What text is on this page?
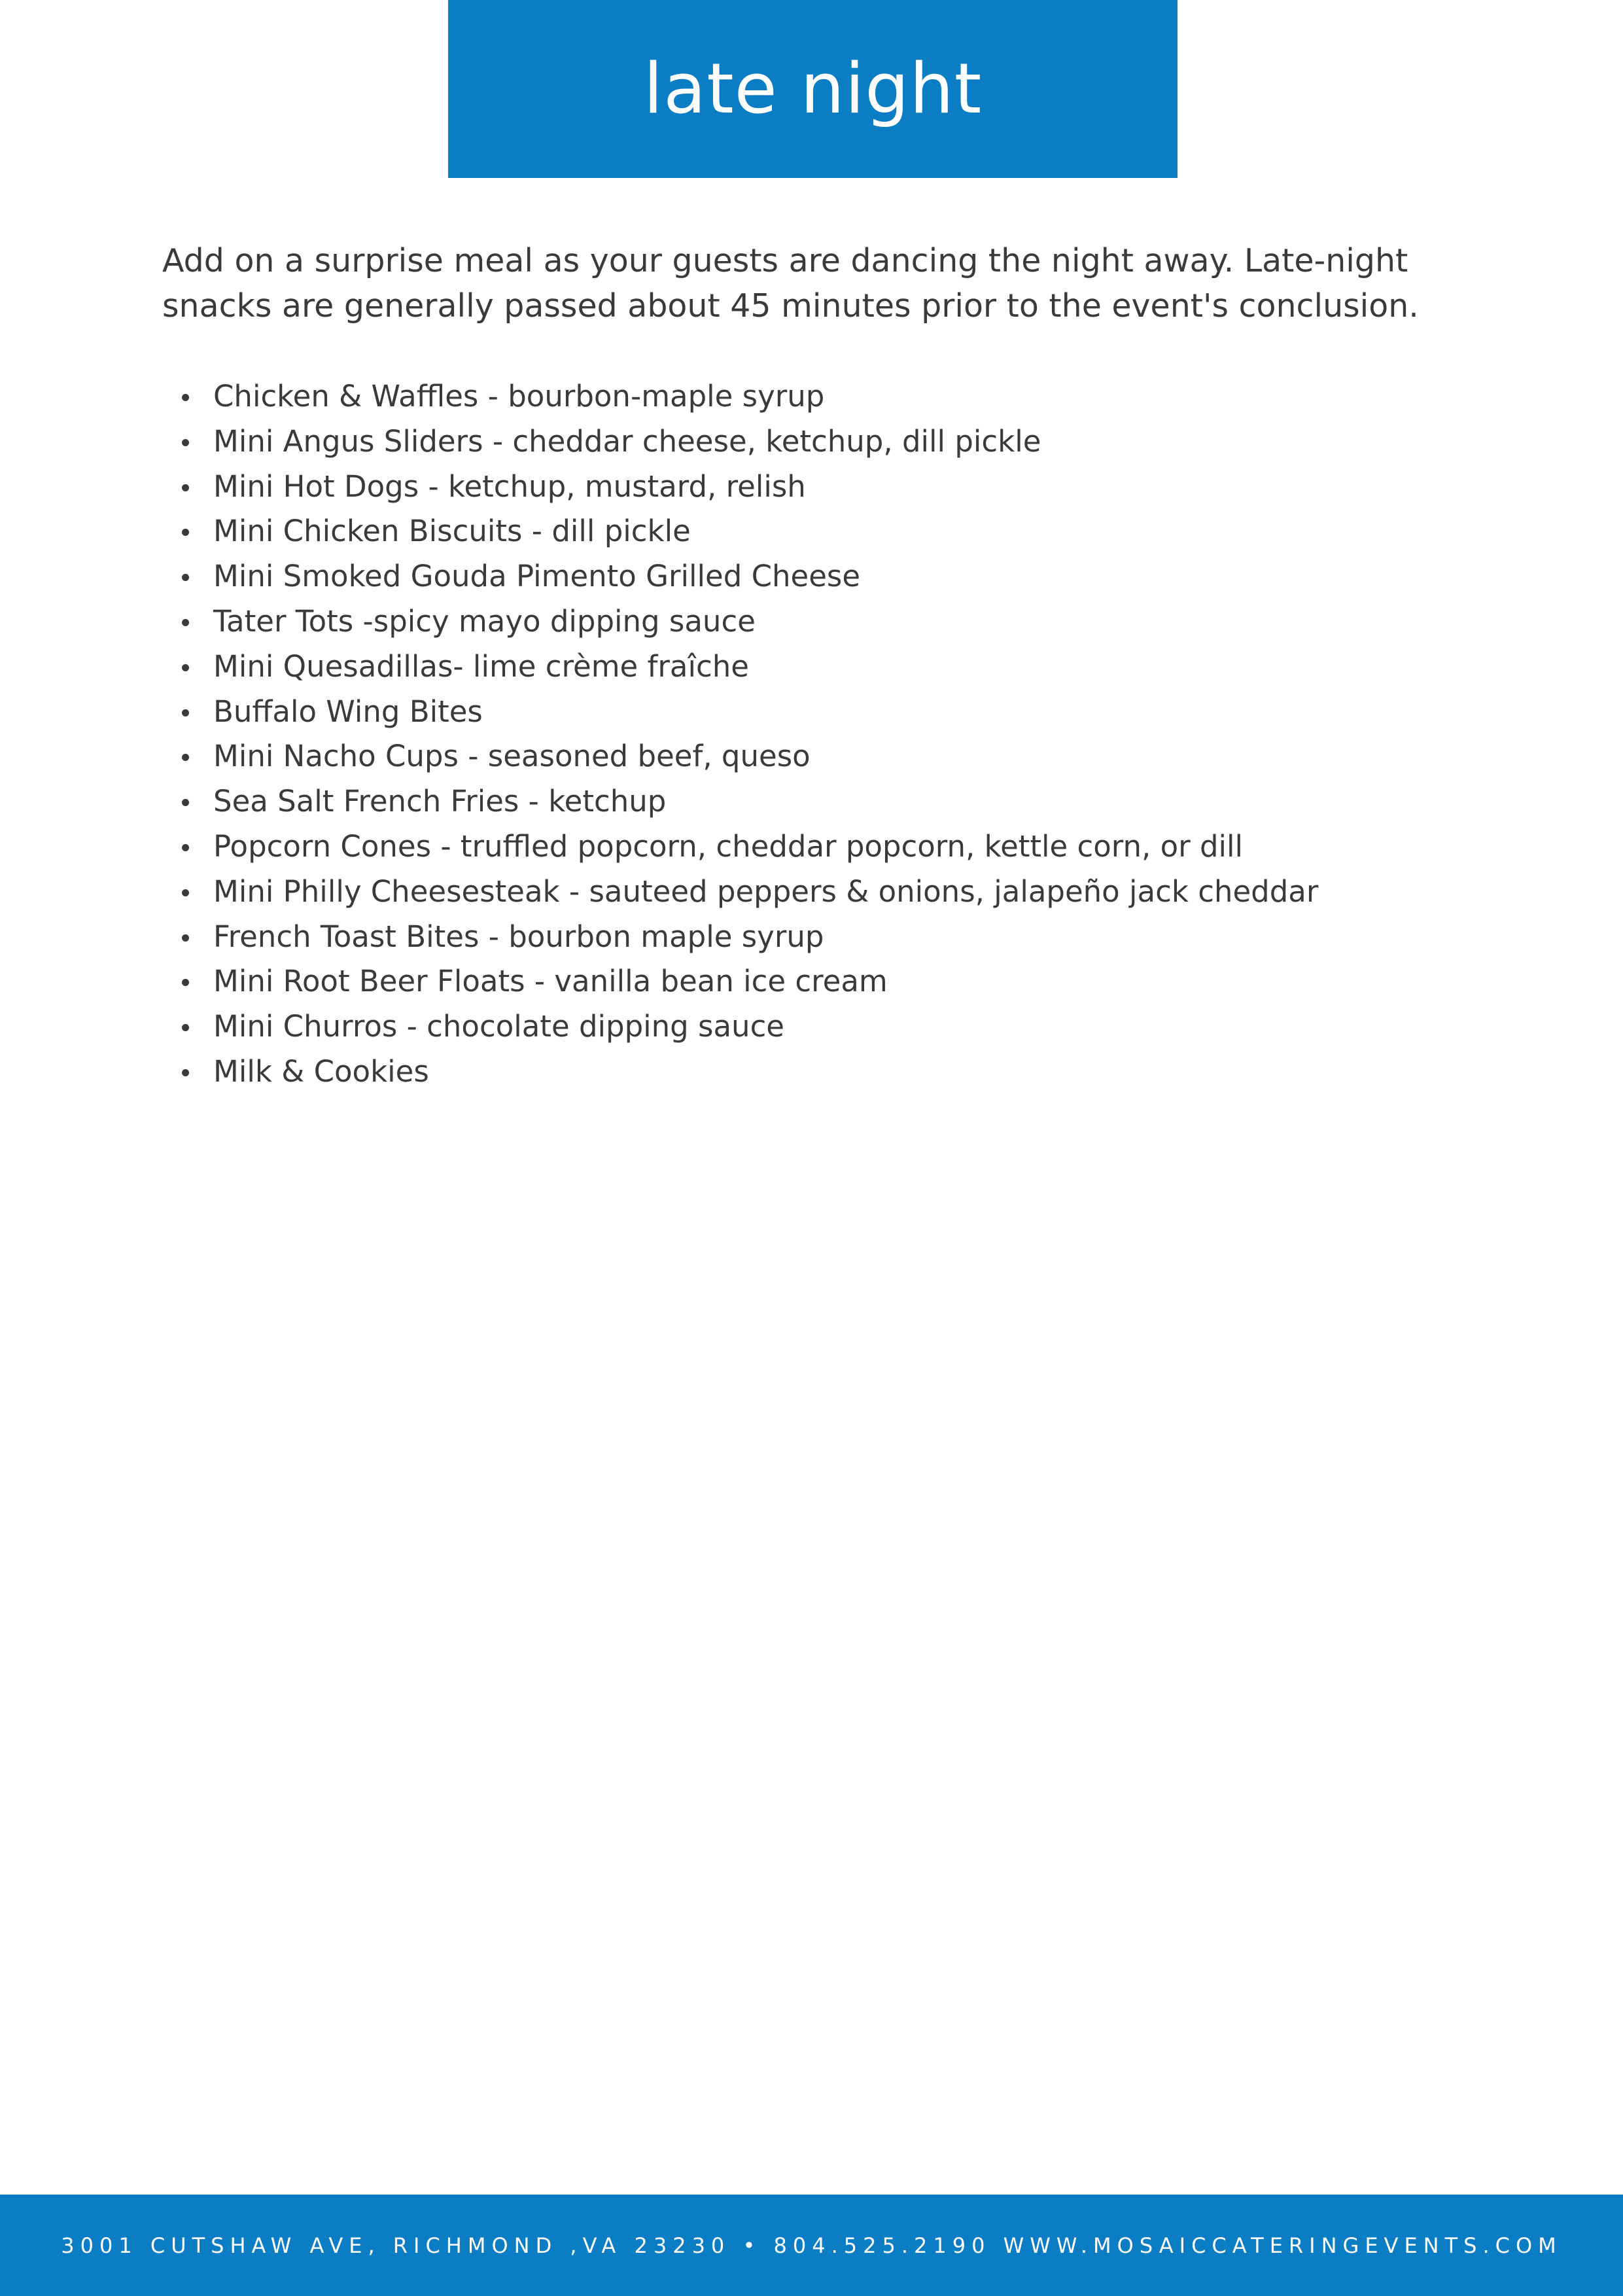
late night

Add on a surprise meal as your guests are dancing the night away. Late-night snacks are generally passed about 45 minutes prior to the event's conclusion.

Chicken & Waffles - bourbon-maple syrup
Mini Angus Sliders - cheddar cheese, ketchup, dill pickle
Mini Hot Dogs - ketchup, mustard, relish
Mini Chicken Biscuits - dill pickle
Mini Smoked Gouda Pimento Grilled Cheese
Tater Tots -spicy mayo dipping sauce
Mini Quesadillas- lime crème fraîche
Buffalo Wing Bites
Mini Nacho Cups - seasoned beef, queso
Sea Salt French Fries - ketchup
Popcorn Cones - truffled popcorn, cheddar popcorn, kettle corn, or dill
Mini Philly Cheesesteak - sauteed peppers & onions, jalapeño jack cheddar
French Toast Bites - bourbon maple syrup
Mini Root Beer Floats - vanilla bean ice cream
Mini Churros - chocolate dipping sauce
Milk & Cookies
3001 CUTSHAW AVE, RICHMOND ,VA 23230 • 804.525.2190 WWW.MOSAICCATERINGEVENTS.COM
